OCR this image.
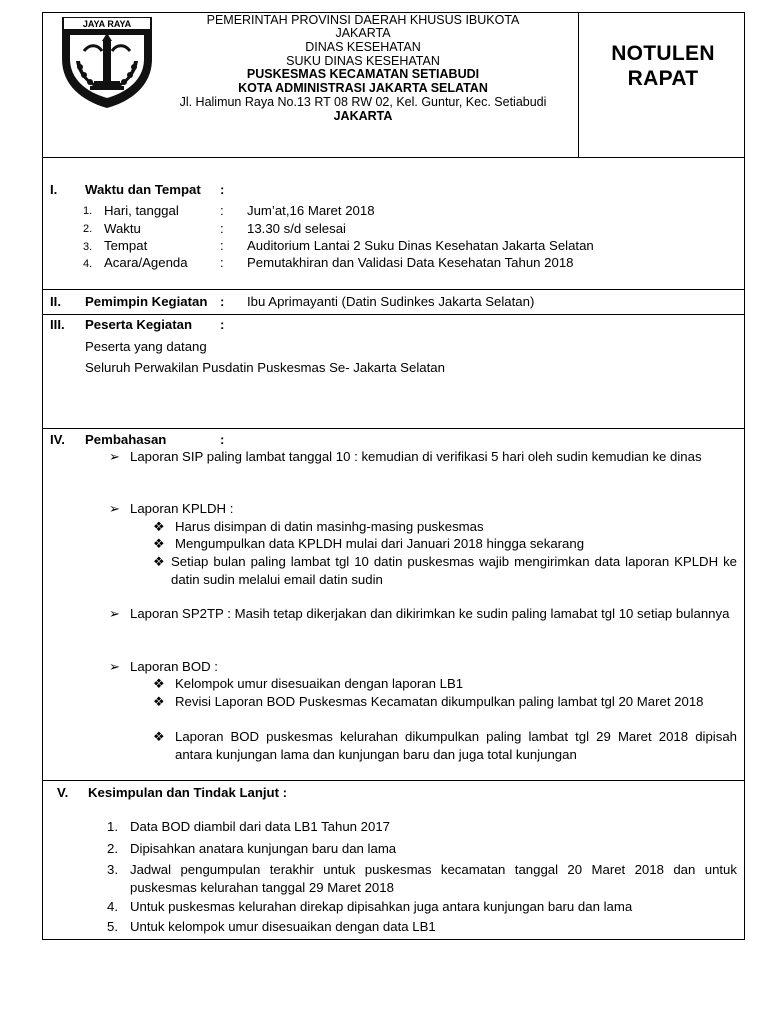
JAYA RAYA	PEMERINTAH PROVINSI DAERAH KHUSUS IBUKOTA
JAKARTA
DINAS KESEHATAN
SUKU DINAS KESEHATAN
PUSKESMAS KECAMATAN SETIABUDI
KOTA ADMINISTRASI JAKARTA SELATAN
Jl. Halimun Raya No.13 RT 08 RW 02, Kel. Guntur, Kec. Setiabudi
JAKARTA
NOTULEN
RAPAT
I. Waktu dan Tempat :
1. Hari, tanggal	: Jum’at,16 Maret 2018
2. Waktu	: 13.30 s/d selesai
3. Tempat	: Auditorium Lantai 2 Suku Dinas Kesehatan Jakarta Selatan
4. Acara/Agenda : Pemutakhiran dan Validasi Data Kesehatan Tahun 2018
II. Pemimpin Kegiatan : Ibu Aprimayanti (Datin Sudinkes Jakarta Selatan)
III. Peserta Kegiatan :
Peserta yang datang
Seluruh Perwakilan Pusdatin Puskesmas Se- Jakarta Selatan
IV. Pembahasan	:
➢ Laporan SIP paling lambat tanggal 10 : kemudian di verifikasi 5 hari oleh sudin kemudian ke dinas
➢ Laporan KPLDH :
❖ Harus disimpan di datin masinhg-masing puskesmas
❖ Mengumpulkan data KPLDH mulai dari Januari 2018 hingga sekarang
❖ Setiap bulan paling lambat tgl 10 datin puskesmas wajib mengirimkan data laporan KPLDH ke datin sudin melalui email datin sudin
➢ Laporan SP2TP : Masih tetap dikerjakan dan dikirimkan ke sudin paling lamabat tgl 10 setiap bulannya
➢ Laporan BOD :
❖ Kelompok umur disesuaikan dengan laporan LB1
❖ Revisi Laporan BOD Puskesmas Kecamatan dikumpulkan paling lambat tgl 20 Maret 2018
❖ Laporan BOD puskesmas kelurahan dikumpulkan paling lambat tgl 29 Maret 2018 dipisah antara kunjungan lama dan kunjungan baru dan juga total kunjungan
V. Kesimpulan dan Tindak Lanjut :
1. Data BOD diambil dari data LB1 Tahun 2017
2. Dipisahkan anatara kunjungan baru dan lama
3. Jadwal pengumpulan terakhir untuk puskesmas kecamatan tanggal 20 Maret 2018 dan untuk puskesmas kelurahan tanggal 29 Maret 2018
4. Untuk puskesmas kelurahan direkap dipisahkan juga antara kunjungan baru dan lama
5. Untuk kelompok umur disesuaikan dengan data LB1
